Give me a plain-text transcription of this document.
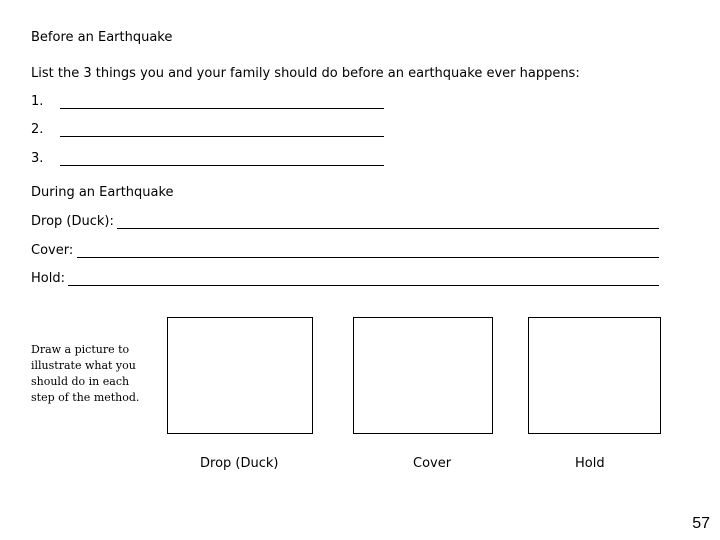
Before an Earthquake
List the 3 things you and your family should do before an earthquake ever happens:
1.
2.
3.
During an Earthquake
Drop (Duck):
Cover:
Hold:
Draw a picture to illustrate what you should do in each step of the method.
Drop (Duck)	Cover	Hold
57
